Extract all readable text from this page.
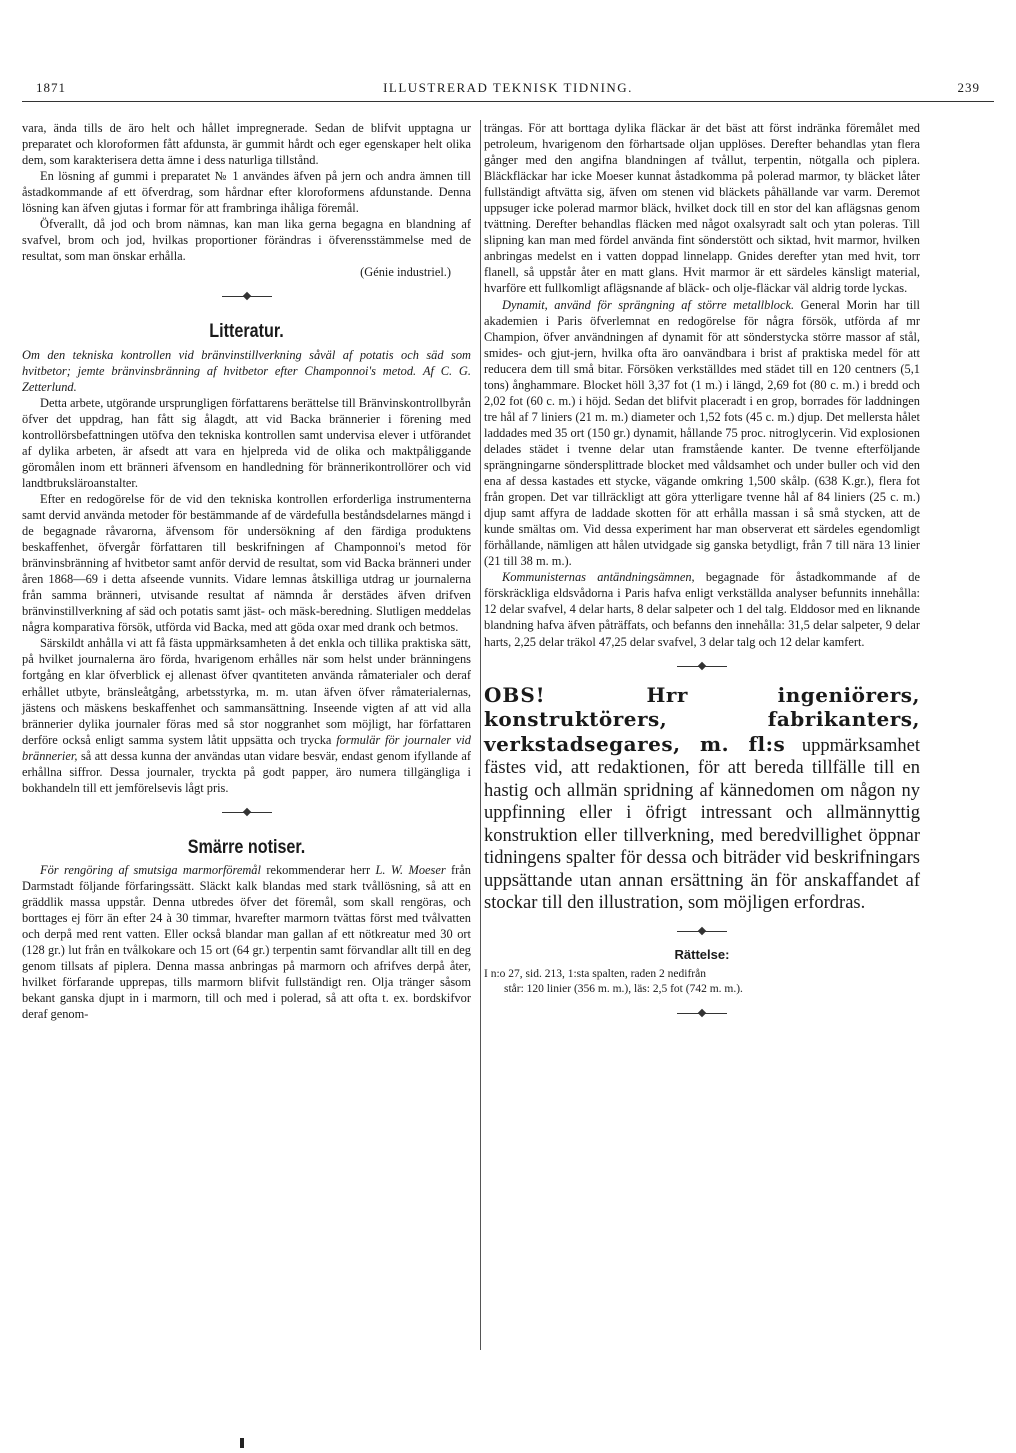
1871	ILLUSTRERAD TEKNISK TIDNING.	239

vara, ända tills de äro helt och hållet impregnerade. Sedan de blifvit upptagna ur preparatet och kloroformen fått afdunsta, är gummit hårdt och eger egenskaper helt olika dem, som karakterisera detta ämne i dess naturliga tillstånd.

En lösning af gummi i preparatet № 1 användes äfven på jern och andra ämnen till åstadkommande af ett öfverdrag, som hårdnar efter kloroformens afdunstande. Denna lösning kan äfven gjutas i formar för att frambringa ihåliga föremål.

Öfverallt, då jod och brom nämnas, kan man lika gerna begagna en blandning af svafvel, brom och jod, hvilkas proportioner förändras i öfverensstämmelse med de resultat, som man önskar erhålla.

(Génie industriel.)

Litteratur.

Om den tekniska kontrollen vid bränvinstillverkning såväl af potatis och säd som hvitbetor; jemte bränvinsbränning af hvitbetor efter Champonnoi's metod. Af C. G. Zetterlund.

Detta arbete, utgörande ursprungligen författarens berättelse till Bränvinskontrollbyrån öfver det uppdrag, han fått sig ålagdt, att vid Backa brännerier i förening med kontrollörsbefattningen utöfva den tekniska kontrollen samt undervisa elever i utförandet af dylika arbeten, är afsedt att vara en hjelpreda vid de olika och maktpåliggande göromålen inom ett bränneri äfvensom en handledning för brännerikontrollörer och vid landtbruksläroanstalter.

Efter en redogörelse för de vid den tekniska kontrollen erforderliga instrumenterna samt dervid använda metoder för bestämmande af de värdefulla beståndsdelarnes mängd i de begagnade råvarorna, äfvensom för undersökning af den färdiga produktens beskaffenhet, öfvergår författaren till beskrifningen af Champonnoi's metod för bränvinsbränning af hvitbetor samt anför dervid de resultat, som vid Backa bränneri under åren 1868—69 i detta afseende vunnits. Vidare lemnas åtskilliga utdrag ur journalerna från samma bränneri, utvisande resultat af nämnda år derstädes äfven drifven bränvinstillverkning af säd och potatis samt jäst- och mäsk-beredning. Slutligen meddelas några komparativa försök, utförda vid Backa, med att göda oxar med drank och betmos.

Särskildt anhålla vi att få fästa uppmärksamheten å det enkla och tillika praktiska sätt, på hvilket journalerna äro förda, hvarigenom erhålles när som helst under bränningens fortgång en klar öfverblick ej allenast öfver qvantiteten använda råmaterialer och deraf erhållet utbyte, bränsleåtgång, arbetsstyrka, m. m. utan äfven öfver råmaterialernas, jästens och mäskens beskaffenhet och sammansättning. Inseende vigten af att vid alla brännerier dylika journaler föras med så stor noggranhet som möjligt, har författaren derföre också enligt samma system låtit uppsätta och trycka formulär för journaler vid brännerier, så att dessa kunna der användas utan vidare besvär, endast genom ifyllande af erhållna siffror. Dessa journaler, tryckta på godt papper, äro numera tillgängliga i bokhandeln till ett jemförelsevis lågt pris.

Smärre notiser.

För rengöring af smutsiga marmorföremål rekommenderar herr L. W. Moeser från Darmstadt följande förfaringssätt. Släckt kalk blandas med stark tvållösning, så att en gräddlik massa uppstår. Denna utbredes öfver det föremål, som skall rengöras, och borttages ej förr än efter 24 à 30 timmar, hvarefter marmorn tvättas först med tvålvatten och derpå med rent vatten. Eller också blandar man gallan af ett nötkreatur med 30 ort (128 gr.) lut från en tvålkokare och 15 ort (64 gr.) terpentin samt förvandlar allt till en deg genom tillsats af piplera. Denna massa anbringas på marmorn och afrifves derpå åter, hvilket förfarande upprepas, tills marmorn blifvit fullständigt ren. Olja tränger såsom bekant ganska djupt in i marmorn, till och med i polerad, så att ofta t. ex. bordskifvor deraf genom-

trängas. För att borttaga dylika fläckar är det bäst att först indränka föremålet med petroleum, hvarigenom den förhartsade oljan upplöses. Derefter behandlas ytan flera gånger med den angifna blandningen af tvållut, terpentin, nötgalla och piplera. Bläckfläckar har icke Moeser kunnat åstadkomma på polerad marmor, ty bläcket låter fullständigt aftvätta sig, äfven om stenen vid bläckets påhällande var varm. Deremot uppsuger icke polerad marmor bläck, hvilket dock till en stor del kan aflägsnas genom tvättning. Derefter behandlas fläcken med något oxalsyradt salt och ytan poleras. Till slipning kan man med fördel använda fint sönderstött och siktad, hvit marmor, hvilken anbringas medelst en i vatten doppad linnelapp. Gnides derefter ytan med hvit, torr flanell, så uppstår åter en matt glans. Hvit marmor är ett särdeles känsligt material, hvarföre ett fullkomligt aflägsnande af bläck- och olje-fläckar väl aldrig torde lyckas.

Dynamit, använd för sprängning af större metallblock. General Morin har till akademien i Paris öfverlemnat en redogörelse för några försök, utförda af mr Champion, öfver användningen af dynamit för att sönderstycka större massor af stål, smides- och gjut-jern, hvilka ofta äro oanvändbara i brist af praktiska medel för att reducera dem till små bitar. Försöken verkställdes med städet till en 120 centners (5,1 tons) ånghammare. Blocket höll 3,37 fot (1 m.) i längd, 2,69 fot (80 c. m.) i bredd och 2,02 fot (60 c. m.) i höjd. Sedan det blifvit placeradt i en grop, borrades för laddningen tre hål af 7 liniers (21 m. m.) diameter och 1,52 fots (45 c. m.) djup. Det mellersta hålet laddades med 35 ort (150 gr.) dynamit, hållande 75 proc. nitroglycerin. Vid explosionen delades städet i tvenne delar utan framstående kanter. De tvenne efterföljande sprängningarne söndersplittrade blocket med våldsamhet och under buller och vid den ena af dessa kastades ett stycke, vägande omkring 1,500 skålp. (638 K.gr.), flera fot från gropen. Det var tillräckligt att göra ytterligare tvenne hål af 84 liniers (25 c. m.) djup samt affyra de laddade skotten för att erhålla massan i så små stycken, att de kunde smältas om. Vid dessa experiment har man observerat ett särdeles egendomligt förhållande, nämligen att hålen utvidgade sig ganska betydligt, från 7 till nära 13 linier (21 till 38 m. m.).

Kommunisternas antändningsämnen, begagnade för åstadkommande af de förskräckliga eldsvådorna i Paris hafva enligt verkställda analyser befunnits innehålla: 12 delar svafvel, 4 delar harts, 8 delar salpeter och 1 del talg. Elddosor med en liknande blandning hafva äfven påträffats, och befanns den innehålla: 31,5 delar salpeter, 9 delar harts, 2,25 delar träkol 47,25 delar svafvel, 3 delar talg och 12 delar kamfert.

OBS!	Hrr ingeniörers, konstruktörers, fabrikanters, verkstadsegares, m. fl:s uppmärksamhet fästes vid, att redaktionen, för att bereda tillfälle till en hastig och allmän spridning af kännedomen om någon ny uppfinning eller i öfrigt intressant och allmännyttig konstruktion eller tillverkning, med beredvillighet öppnar tidningens spalter för dessa och biträder vid beskrifningars uppsättande utan annan ersättning än för anskaffandet af stockar till den illustration, som möjligen erfordras.

Rättelse:

I n:o 27, sid. 213, 1:sta spalten, raden 2 nedifrån

står: 120 linier (356 m. m.), läs: 2,5 fot (742 m. m.).
